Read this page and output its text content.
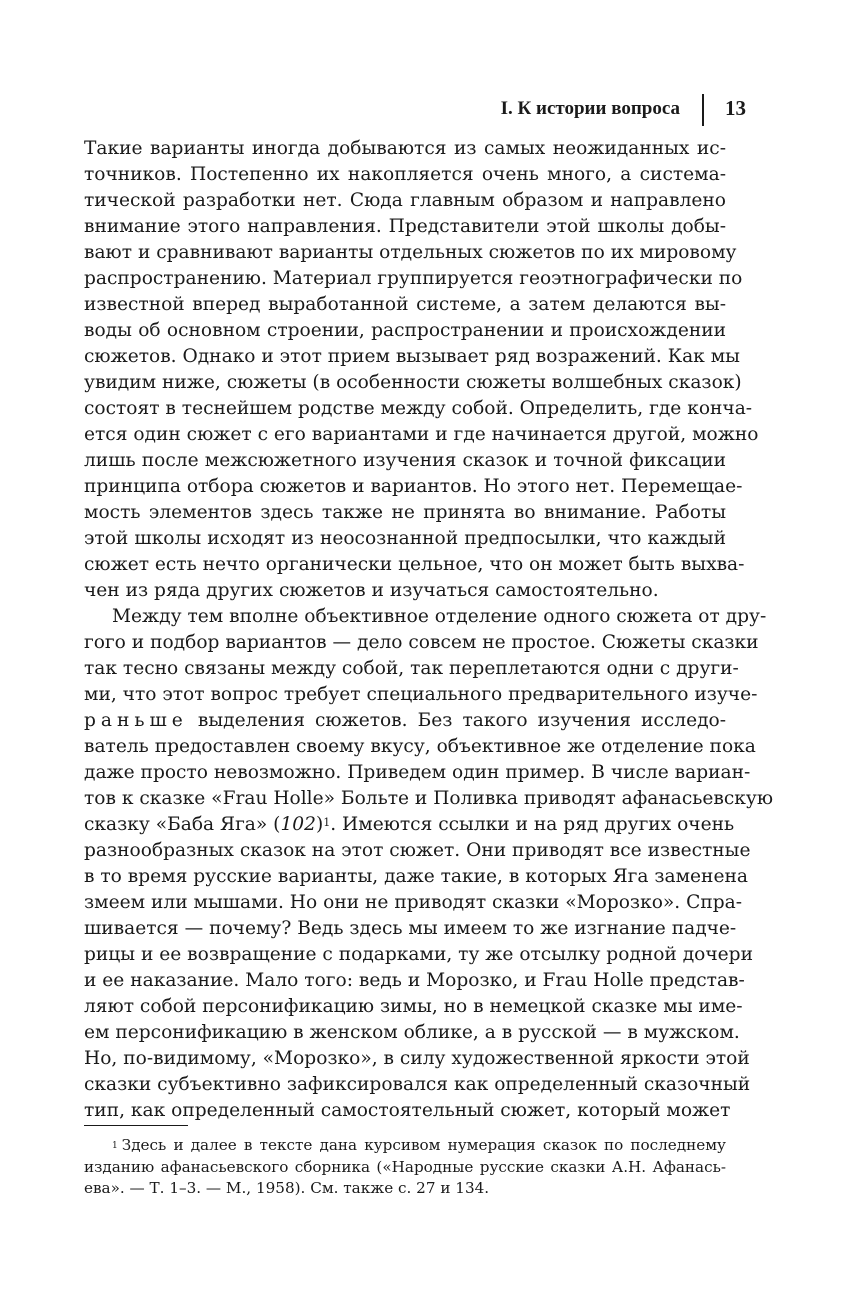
I. К истории вопроса 13
Такие варианты иногда добываются из самых неожиданных ис-
точников. Постепенно их накопляется очень много, а система-
тической разработки нет. Сюда главным образом и направлено
внимание этого направления. Представители этой школы добы-
вают и сравнивают варианты отдельных сюжетов по их мировому
распространению. Материал группируется геоэтнографически по
известной вперед выработанной системе, а затем делаются вы-
воды об основном строении, распространении и происхождении
сюжетов. Однако и этот прием вызывает ряд возражений. Как мы
увидим ниже, сюжеты (в особенности сюжеты волшебных сказок)
состоят в теснейшем родстве между собой. Определить, где конча-
ется один сюжет с его вариантами и где начинается другой, можно
лишь после межсюжетного изучения сказок и точной фиксации
принципа отбора сюжетов и вариантов. Но этого нет. Перемещае-
мость элементов здесь также не принята во внимание. Работы
этой школы исходят из неосознанной предпосылки, что каждый
сюжет есть нечто органически цельное, что он может быть выхва-
чен из ряда других сюжетов и изучаться самостоятельно.
Между тем вполне объективное отделение одного сюжета от дру-
гого и подбор вариантов — дело совсем не простое. Сюжеты сказки
так тесно связаны между собой, так переплетаются одни с други-
ми, что этот вопрос требует специального предварительного изуче-
раньше выделения сюжетов. Без такого изучения исследо-
ватель предоставлен своему вкусу, объективное же отделение пока
даже просто невозможно. Приведем один пример. В числе вариан-
тов к сказке «Frau Holle» Больте и Поливка приводят афанасьевскую
сказку «Баба Яга» (102)$^1$. Имеются ссылки и на ряд других очень
разнообразных сказок на этот сюжет. Они приводят все известные
в то время русские варианты, даже такие, в которых Яга заменена
змеем или мышами. Но они не приводят сказки «Морозко». Спра-
шивается — почему? Ведь здесь мы имеем то же изгнание падче-
рицы и ее возвращение с подарками, ту же отсылку родной дочери
и ее наказание. Мало того: ведь и Морозко, и Frau Holle представ-
ляют собой персонификацию зимы, но в немецкой сказке мы име-
ем персонификацию в женском облике, а в русской — в мужском.
Но, по-видимому, «Морозко», в силу художественной яркости этой
сказки субъективно зафиксировался как определенный сказочный
тип, как определенный самостоятельный сюжет, который может
$^1$ Здесь и далее в тексте дана курсивом нумерация сказок по последнему
изданию афанасьевского сборника («Народные русские сказки А.Н. Афанась-
ева». — Т. 1–3. — М., 1958). См. также с. 27 и 134.
